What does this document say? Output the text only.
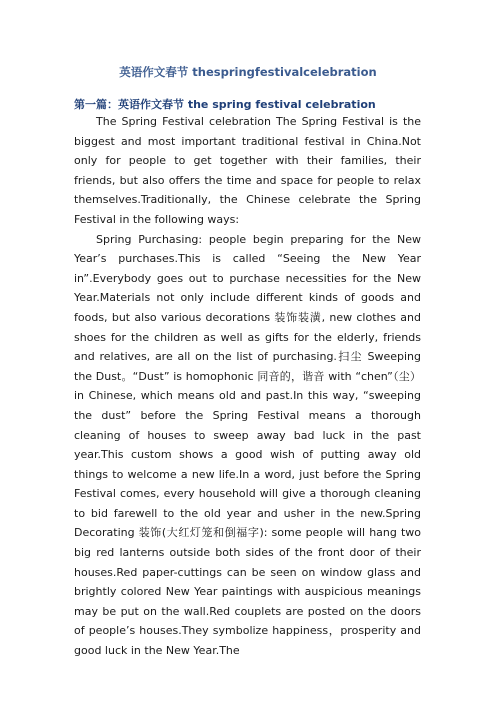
英语作文春节 thespringfestivalcelebration
第一篇：英语作文春节 the spring festival celebration

The Spring Festival celebration The Spring Festival is the biggest and most important traditional festival in China.Not only for people to get together with their families, their friends, but also offers the time and space for people to relax themselves.Traditionally, the Chinese celebrate the Spring Festival in the following ways:

Spring Purchasing: people begin preparing for the New Year’s purchases.This is called “Seeing the New Year in”.Everybody goes out to purchase necessities for the New Year.Materials not only include different kinds of goods and foods, but also various decorations 装饰装潢, new clothes and shoes for the children as well as gifts for the elderly, friends and relatives, are all on the list of purchasing.扫尘 Sweeping the Dust。“Dust” is homophonic 同音的，谐音 with “chen”（尘）in Chinese, which means old and past.In this way, “sweeping the dust” before the Spring Festival means a thorough cleaning of houses to sweep away bad luck in the past year.This custom shows a good wish of putting away old things to welcome a new life.In a word, just before the Spring Festival comes, every household will give a thorough cleaning to bid farewell to the old year and usher in the new.Spring Decorating 装饰(大红灯笼和倒福字): some people will hang two big red lanterns outside both sides of the front door of their houses.Red paper-cuttings can be seen on window glass and brightly colored New Year paintings with auspicious meanings may be put on the wall.Red couplets are posted on the doors of people’s houses.They symbolize happiness，prosperity and good luck in the New Year.The
